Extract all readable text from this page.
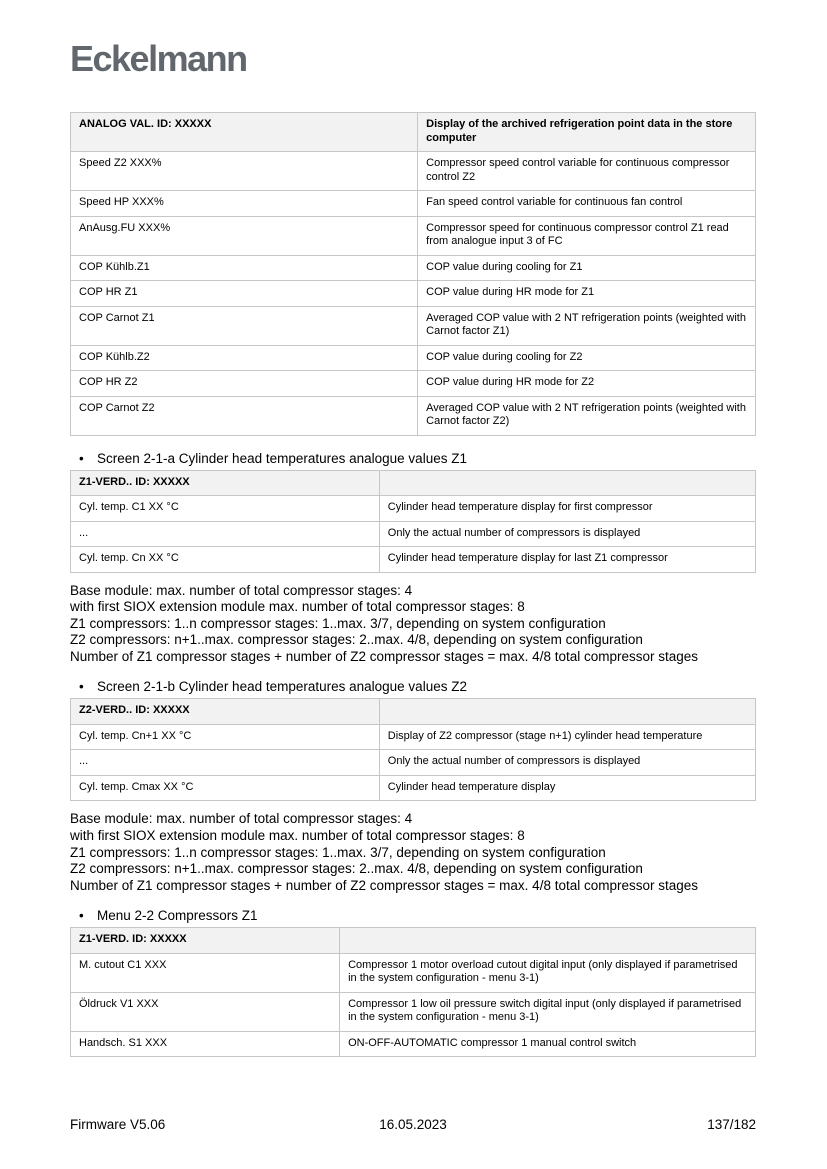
Eckelmann
ANALOG VAL. ID: XXXXX	Display of the archived refrigeration point data in the store computer
Speed Z2 XXX%	Compressor speed control variable for continuous compressor control Z2
Speed HP XXX%	Fan speed control variable for continuous fan control
AnAusg.FU XXX%	Compressor speed for continuous compressor control Z1 read from analogue input 3 of FC
COP Kühlb.Z1	COP value during cooling for Z1
COP HR Z1	COP value during HR mode for Z1
COP Carnot Z1	Averaged COP value with 2 NT refrigeration points (weighted with Carnot factor Z1)
COP Kühlb.Z2	COP value during cooling for Z2
COP HR Z2	COP value during HR mode for Z2
COP Carnot Z2	Averaged COP value with 2 NT refrigeration points (weighted with Carnot factor Z2)
• Screen 2-1-a Cylinder head temperatures analogue values Z1
Z1-VERD.. ID: XXXXX	
Cyl. temp. C1 XX °C	Cylinder head temperature display for first compressor
...	Only the actual number of compressors is displayed
Cyl. temp. Cn XX °C	Cylinder head temperature display for last Z1 compressor
Base module: max. number of total compressor stages: 4
with first SIOX extension module max. number of total compressor stages: 8
Z1 compressors: 1..n compressor stages: 1..max. 3/7, depending on system configuration
Z2 compressors: n+1..max. compressor stages: 2..max. 4/8, depending on system configuration
Number of Z1 compressor stages + number of Z2 compressor stages = max. 4/8 total compressor stages
• Screen 2-1-b Cylinder head temperatures analogue values Z2
Z2-VERD.. ID: XXXXX	
Cyl. temp. Cn+1 XX °C	Display of Z2 compressor (stage n+1) cylinder head temperature
...	Only the actual number of compressors is displayed
Cyl. temp. Cmax XX °C	Cylinder head temperature display
Base module: max. number of total compressor stages: 4
with first SIOX extension module max. number of total compressor stages: 8
Z1 compressors: 1..n compressor stages: 1..max. 3/7, depending on system configuration
Z2 compressors: n+1..max. compressor stages: 2..max. 4/8, depending on system configuration
Number of Z1 compressor stages + number of Z2 compressor stages = max. 4/8 total compressor stages
• Menu 2-2 Compressors Z1
Z1-VERD. ID: XXXXX	
M. cutout C1 XXX	Compressor 1 motor overload cutout digital input (only displayed if parametrised in the system configuration - menu 3-1)
Öldruck V1 XXX	Compressor 1 low oil pressure switch digital input (only displayed if parametrised in the system configuration - menu 3-1)
Handsch. S1 XXX	ON-OFF-AUTOMATIC compressor 1 manual control switch
Firmware V5.06	16.05.2023	137/182
